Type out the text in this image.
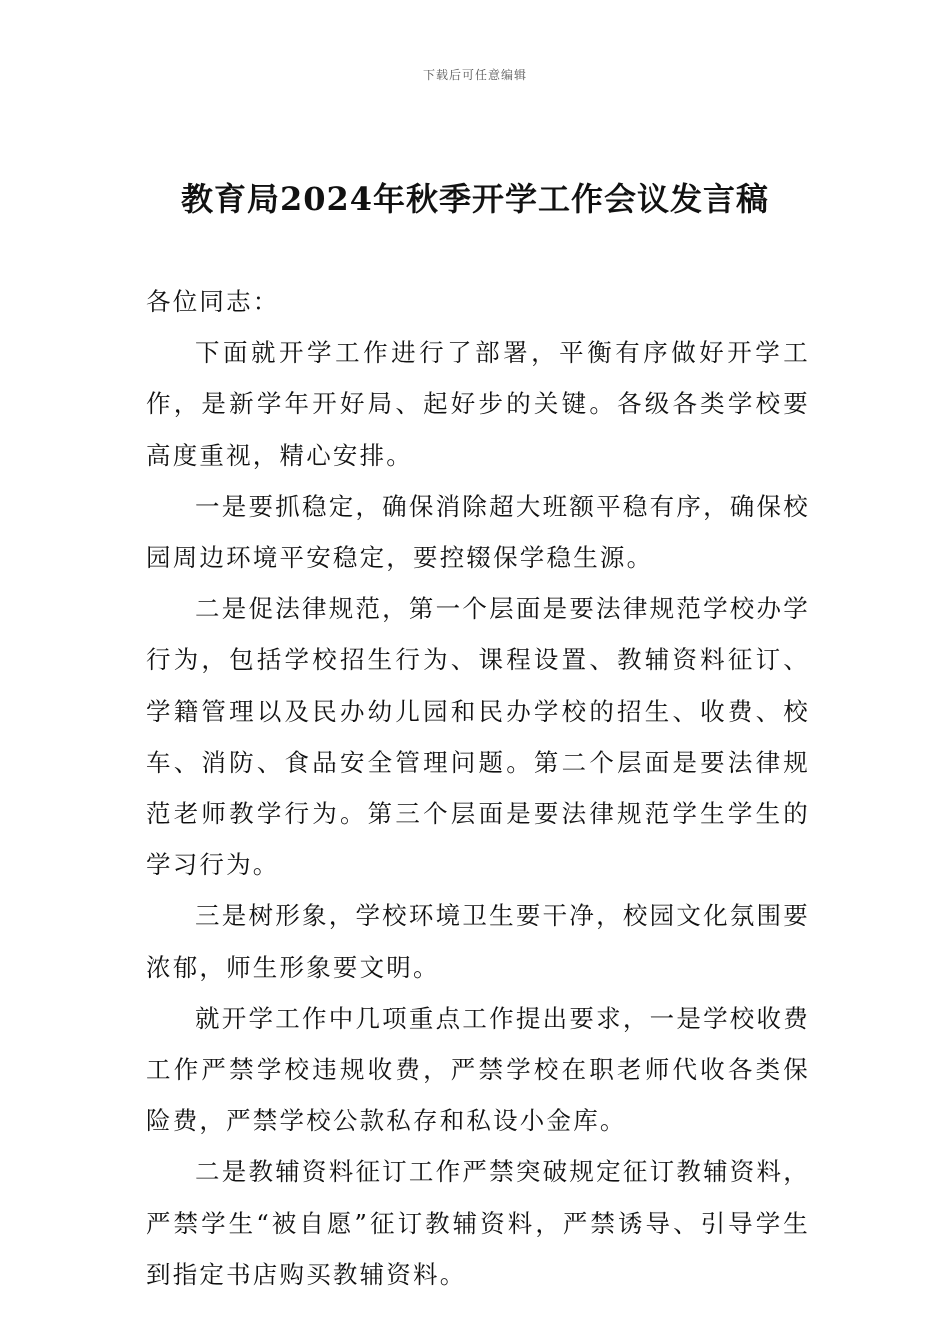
下载后可任意编辑
教育局2024年秋季开学工作会议发言稿

各位同志：

下面就开学工作进行了部署，平衡有序做好开学工作，是新学年开好局、起好步的关键。各级各类学校要高度重视，精心安排。

一是要抓稳定，确保消除超大班额平稳有序，确保校园周边环境平安稳定，要控辍保学稳生源。

二是促法律规范，第一个层面是要法律规范学校办学行为，包括学校招生行为、课程设置、教辅资料征订、学籍管理以及民办幼儿园和民办学校的招生、收费、校车、消防、食品安全管理问题。第二个层面是要法律规范老师教学行为。第三个层面是要法律规范学生学生的学习行为。

三是树形象，学校环境卫生要干净，校园文化氛围要浓郁，师生形象要文明。

就开学工作中几项重点工作提出要求，一是学校收费工作严禁学校违规收费，严禁学校在职老师代收各类保险费，严禁学校公款私存和私设小金库。

二是教辅资料征订工作严禁突破规定征订教辅资料，严禁学生“被自愿”征订教辅资料，严禁诱导、引导学生到指定书店购买教辅资料。
